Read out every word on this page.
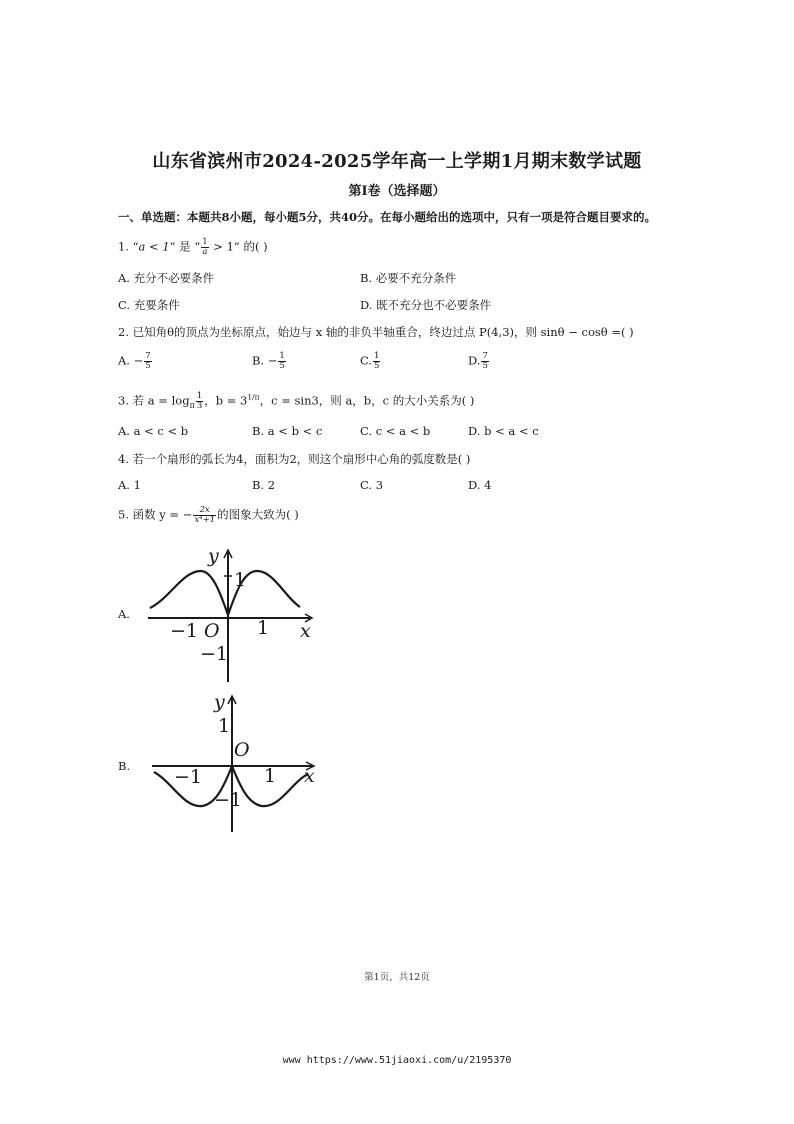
山东省滨州市2024-2025学年高一上学期1月期末数学试题
第I卷（选择题）
一、单选题：本题共8小题，每小题5分，共40分。在每小题给出的选项中，只有一项是符合题目要求的。
1. “a < 1” 是 “ $\frac{1}{a} > 1$” 的( )
A. 充分不必要条件	B. 必要不充分条件
C. 充要条件	D. 既不充分也不必要条件
2. 已知角θ的顶点为坐标原点，始边与 x 轴的非负半轴重合，终边过点 P(4,3)，则 sinθ − cosθ =( )
A. − $\frac{7}{5}$	B. − $\frac{1}{5}$	C. $\frac{1}{5}$	D. $\frac{7}{5}$
3. 若 $a = \log_\pi \frac{1}{3}$ ，$b = 3^{1/\pi}$，c = sin3，则 a，b，c 的大小关系为( )
A. a < c < b	B. a < b < c	C. c < a < b	D. b < a < c
4. 若一个扇形的弧长为4，面积为2，则这个扇形中心角的弧度数是( )
A. 1	B. 2	C. 3	D. 4
5. 函数 y = − $\frac{2x}{\text{x⁴+1}}$ 的图象大致为( )
A.
B.
y
1
−1 O 1 x
−1
y
1
O
−1	1 x
−1
第1页，共12页
www https://www.51jiaoxi.com/u/2195370
